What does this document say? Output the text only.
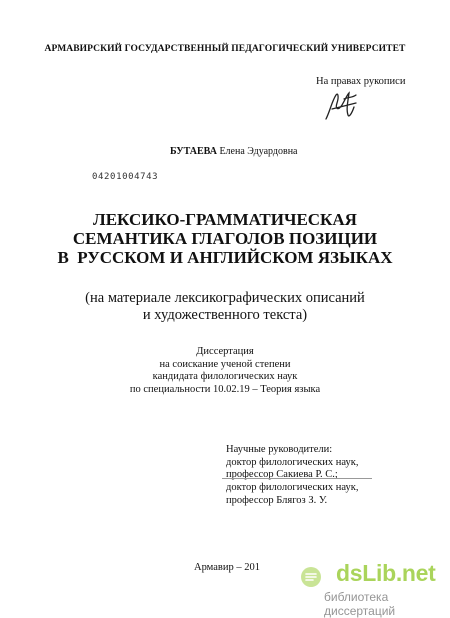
АРМАВИРСКИЙ ГОСУДАРСТВЕННЫЙ ПЕДАГОГИЧЕСКИЙ УНИВЕРСИТЕТ
На правах рукописи
БУТАЕВА Елена Эдуардовна
04201004743
ЛЕКСИКО-ГРАММАТИЧЕСКАЯ
СЕМАНТИКА ГЛАГОЛОВ ПОЗИЦИИ
В  РУССКОМ И АНГЛИЙСКОМ ЯЗЫКАХ
(на материале лексикографических описаний
и художественного текста)
Диссертация
на соискание ученой степени
кандидата филологических наук
по специальности 10.02.19 – Теория языка
Научные руководители:
доктор филологических наук,
профессор Сакиева Р. С.;
доктор филологических наук,
профессор Блягоз З. У.
Армавир – 201	dsLib.net
библиотека диссертаций
